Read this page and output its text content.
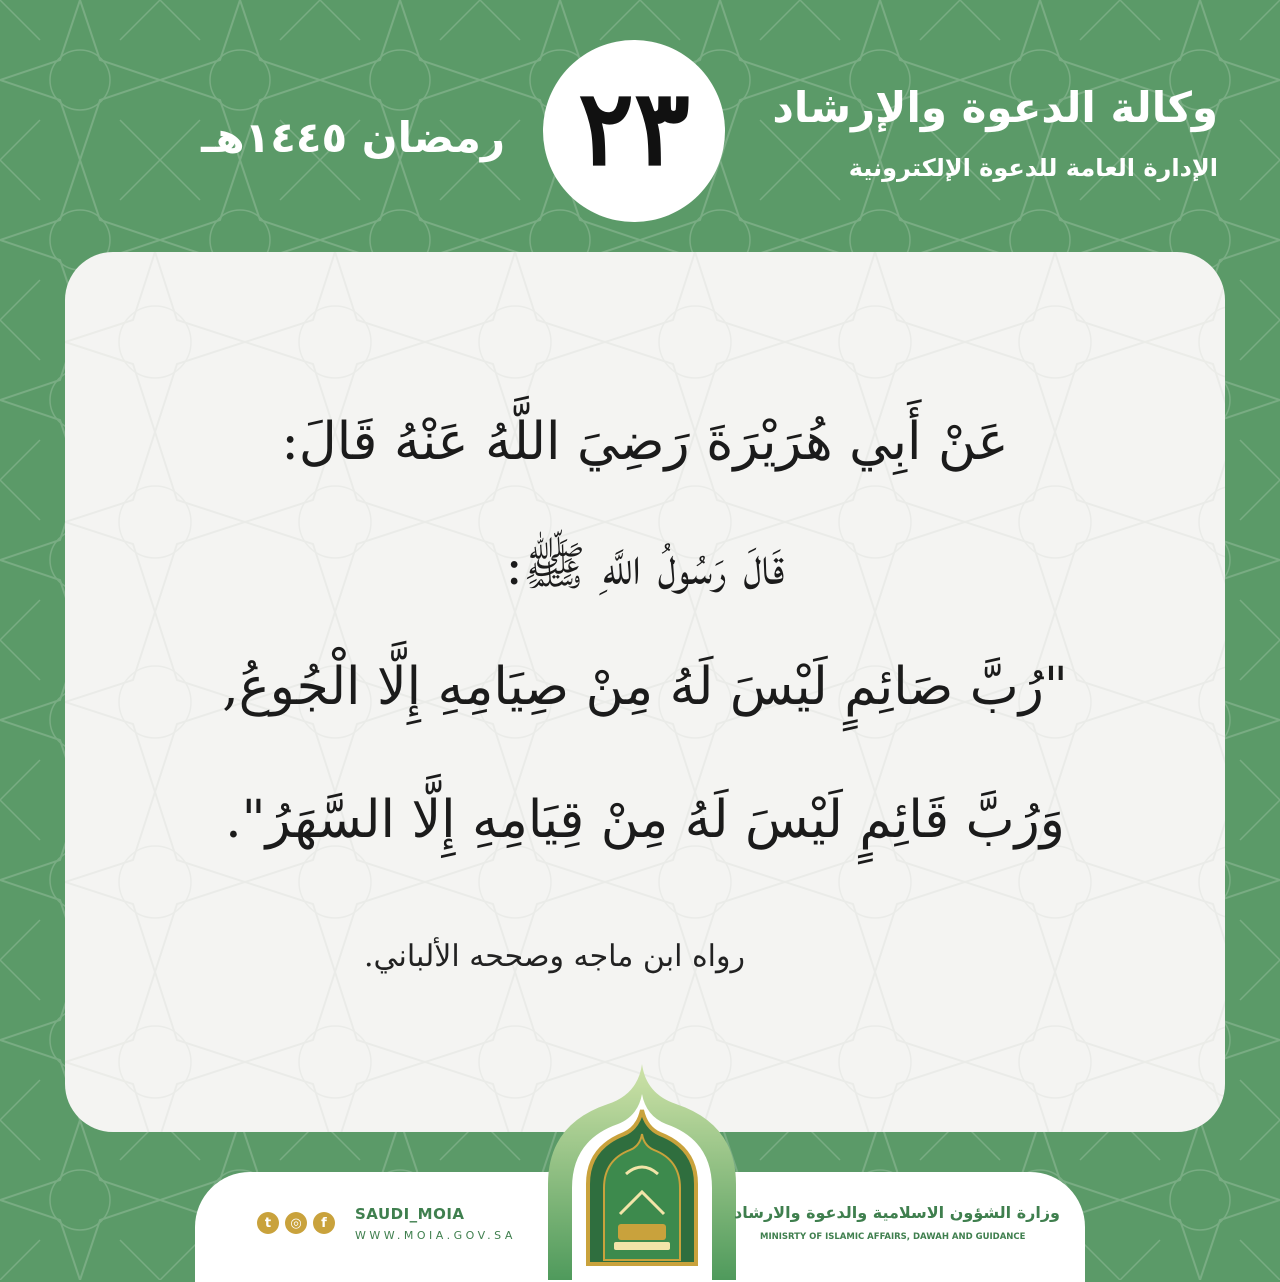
وكالة الدعوة والإرشاد
الإدارة العامة للدعوة الإلكترونية
٢٣
رمضان ١٤٤٥هـ
عَنْ أَبِي هُرَيْرَةَ رَضِيَ اللَّهُ عَنْهُ قَالَ:
قَالَ رَسُولُ اللَّهِ ﷺ:
"رُبَّ صَائِمٍ لَيْسَ لَهُ مِنْ صِيَامِهِ إِلَّا الْجُوعُ,
وَرُبَّ قَائِمٍ لَيْسَ لَهُ مِنْ قِيَامِهِ إِلَّا السَّهَرُ".
رواه ابن ماجه وصححه الألباني.
t	◎	f	SAUDI_MOIA
WWW.MOIA.GOV.SA
وزارة الشؤون الاسلامية والدعوة والارشاد
MINISRTY OF ISLAMIC AFFAIRS, DAWAH AND GUIDANCE
